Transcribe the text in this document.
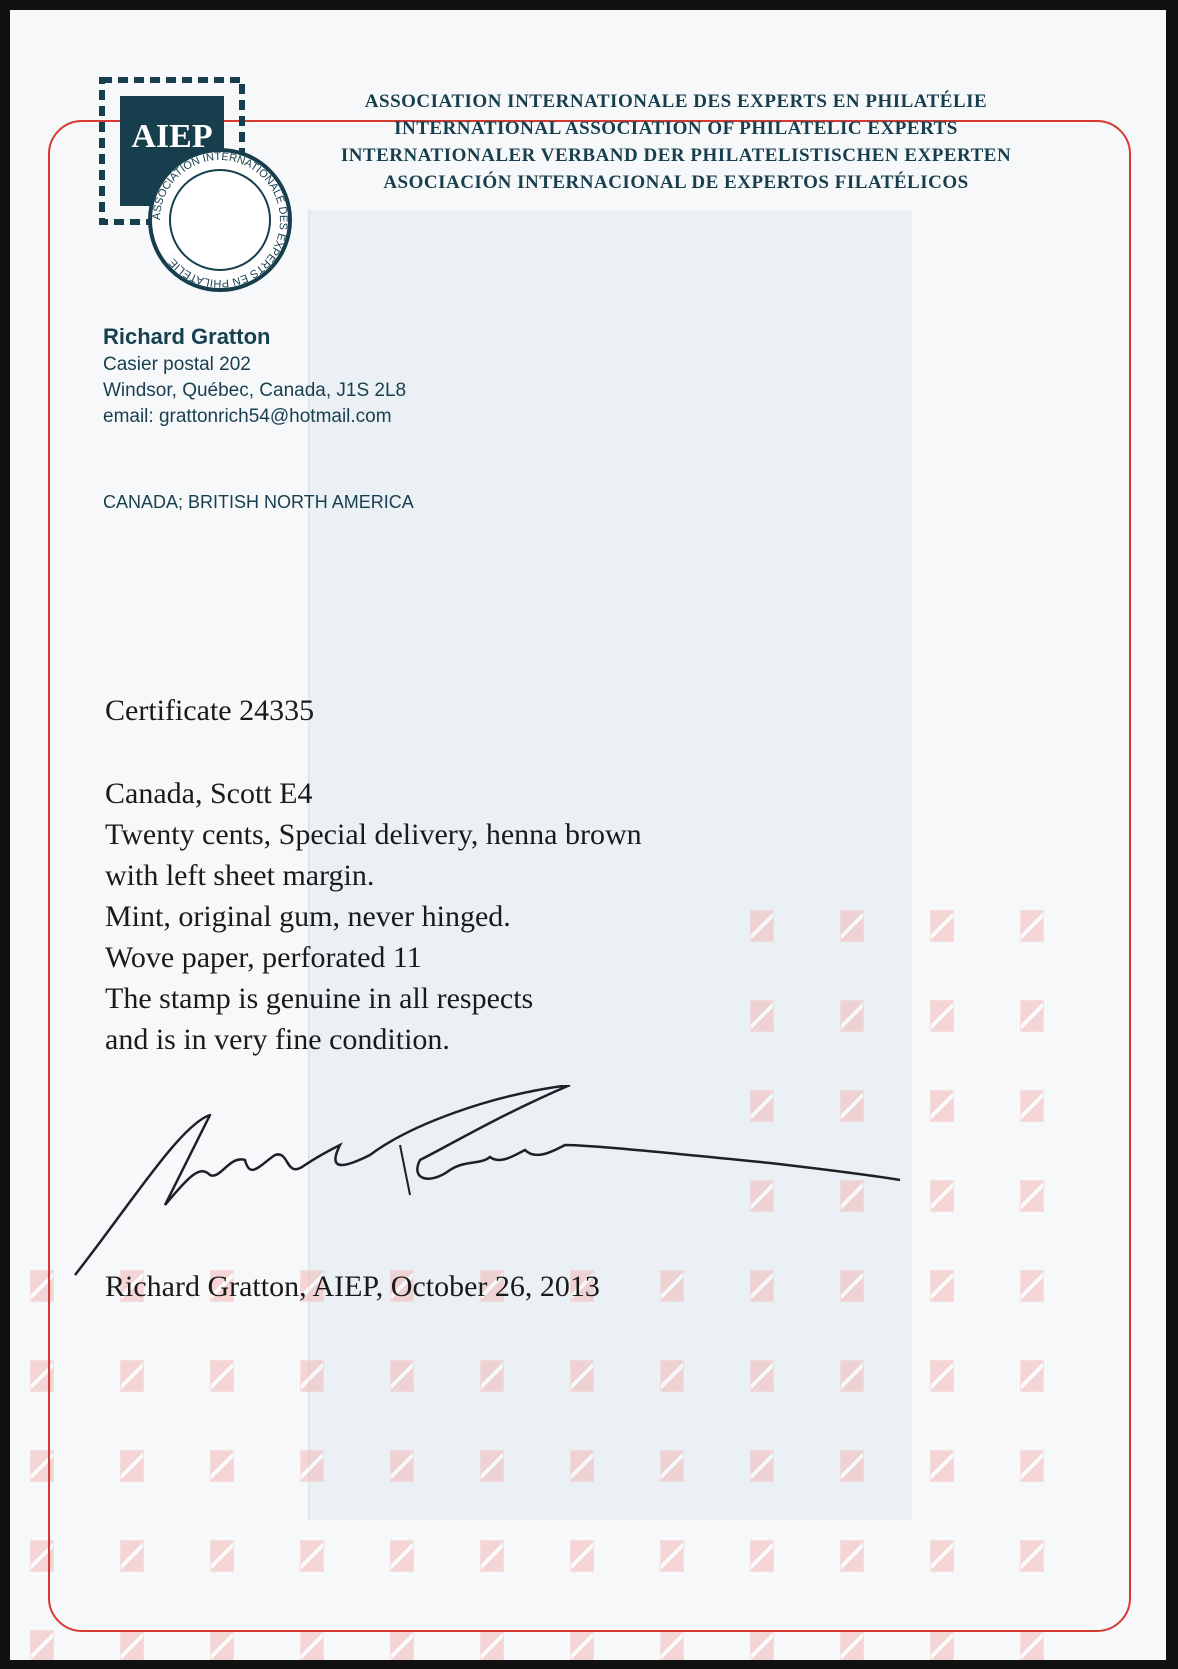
AIEP
ASSOCIATION INTERNATIONALE DES EXPERTS EN PHILATÉLIE
ASSOCIATION INTERNATIONALE DES EXPERTS EN PHILATÉLIE
INTERNATIONAL ASSOCIATION OF PHILATELIC EXPERTS
INTERNATIONALER VERBAND DER PHILATELISTISCHEN EXPERTEN
ASOCIACIÓN INTERNACIONAL DE EXPERTOS FILATÉLICOS
Richard Gratton
Casier postal 202
Windsor, Québec, Canada, J1S 2L8
email: grattonrich54@hotmail.com
CANADA; BRITISH NORTH AMERICA
Certificate 24335
Canada, Scott E4
Twenty cents, Special delivery, henna brown
with left sheet margin.
Mint, original gum, never hinged.
Wove paper, perforated 11
The stamp is genuine in all respects
and is in very fine condition.
Richard Gratton, AIEP, October 26, 2013
